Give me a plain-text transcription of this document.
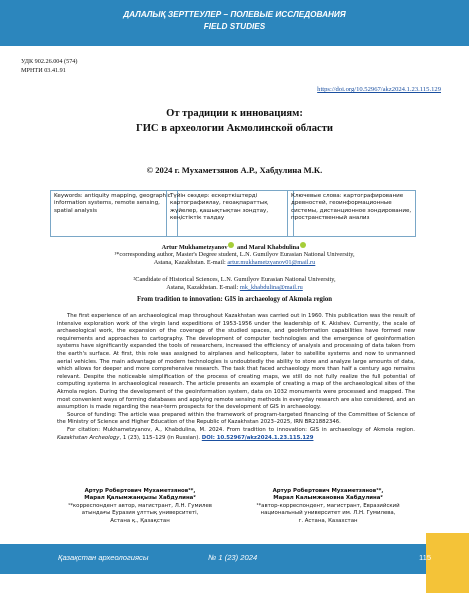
ДАЛАЛЫҚ ЗЕРТТЕУЛЕР – ПОЛЕВЫЕ ИССЛЕДОВАНИЯ
FIELD STUDIES
УДК 902.26.004 (574)
МРНТИ 03.41.91
https://doi.org/10.52967/akz2024.1.23.115.129
От традиции к инновациям:
ГИС в археологии Акмолинской области
© 2024 г. Мухаметзянов А.Р., Хабдулина М.К.
Keywords: antiquity mapping, geographic information systems, remote sensing, spatial analysis
Түйін сөздер: ескерткіштерді картографиялау, геоақпараттық жүйелер, қашықтықтан зондтау, кеңістіктік талдау
Ключевые слова: картографирование древностей, геоинформационные системы, дистанционное зондирование, пространственный анализ
Artur Mukhametzyanov and Maral Khabdulina
¹*corresponding author, Master's Degree student, L.N. Gumilyov Eurasian National University,
Astana, Kazakhstan. E-mail: artur.mukhametzyanov01@mail.ru
²Candidate of Historical Sciences, L.N. Gumilyov Eurasian National University,
Astana, Kazakhstan. E-mail: mk_khabdulina@mail.ru
From tradition to innovation: GIS in archaeology of Akmola region

The first experience of an archaeological map throughout Kazakhstan was carried out in 1960. This publication was the result of intensive exploration work of the virgin land expeditions of 1953-1956 under the leadership of K. Akishev. Currently, the scale of archaeological work, the expansion of the coverage of the studied spaces, and geoinformation capabilities have formed new requirements and approaches to cartography. The development of computer technologies and the emergence of geoinformation systems have significantly expanded the tools of researchers, increased the efficiency of analysis and processing of data taken from the earth's surface. At first, this role was assigned to airplanes and helicopters, later to satellite systems and now to unmanned aerial vehicles. The main advantage of modern technologies is undoubtedly the ability to store and analyze large amounts of data, which allows for deeper and more comprehensive research. The task that faced archaeology more than half a century ago remains relevant. Despite the noticeable simplification of the process of creating maps, we still do not fully realize the full potential of computing systems in archaeological research. The article presents an example of creating a map of the archaeological sites of the Akmola region. During the development of the geoinformation system, data on 1032 monuments were processed and mapped. The most convenient ways of forming databases and applying remote sensing methods in everyday research are also considered, and an assumption is made regarding the near-term prospects for the development of GIS in archaeology.

Source of funding: The article was prepared within the framework of program-targeted financing of the Committee of Science of the Ministry of Science and Higher Education of the Republic of Kazakhstan 2023–2025, IRN BR21882346.

For citation: Mukhametzyanov, A., Khabdulina, M. 2024. From tradition to innovation: GIS in archaeology of Akmola region. Kazakhstan Archeology, 1 (23), 115–129 (in Russian). DOI: 10.52967/akz2024.1.23.115.129

Артур Робертович Мухаметзянов¹*,
Марал Қалымжанқызы Хабдулина²
¹*корреспондент автор, магистрант, Л.Н. Гумилев
атындағы Еуразия ұлттық университеті,
Астана қ., Қазақстан
Артур Робертович Мухаметзянов¹*,
Марал Калымжановна Хабдулина²
¹*автор-корреспондент, магистрант, Евразийский
национальный университет им. Л.Н. Гумилева,
г. Астана, Казахстан
Қазақстан археологиясы	№ 1 (23) 2024	115
